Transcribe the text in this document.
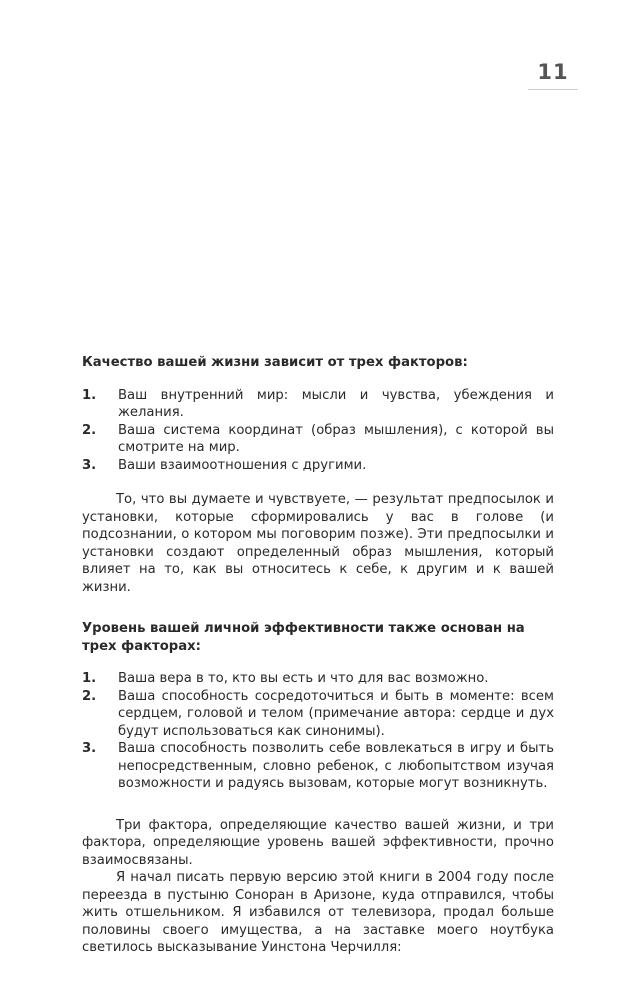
11
Качество вашей жизни зависит от трех факторов:
1.	Ваш внутренний мир: мысли и чувства, убеждения и желания.
2.	Ваша система координат (образ мышления), с которой вы смотрите на мир.
3.	Ваши взаимоотношения с другими.

То, что вы думаете и чувствуете, — результат предпосылок и установки, которые сформировались у вас в голове (и подсознании, о котором мы поговорим позже). Эти предпосылки и установки создают определенный образ мышления, который влияет на то, как вы относитесь к себе, к другим и к вашей жизни.

Уровень вашей личной эффективности также основан на трех факторах:
1.	Ваша вера в то, кто вы есть и что для вас возможно.
2.	Ваша способность сосредоточиться и быть в моменте: всем сердцем, головой и телом (примечание автора: сердце и дух будут использоваться как синонимы).
3.	Ваша способность позволить себе вовлекаться в игру и быть непосредственным, словно ребенок, с любопытством изучая возможности и радуясь вызовам, которые могут возникнуть.

Три фактора, определяющие качество вашей жизни, и три фактора, определяющие уровень вашей эффективности, прочно взаимосвязаны.

Я начал писать первую версию этой книги в 2004 году после переезда в пустыню Соноран в Аризоне, куда отправился, чтобы жить отшельником. Я избавился от телевизора, продал больше половины своего имущества, а на заставке моего ноутбука светилось высказывание Уинстона Черчилля:
